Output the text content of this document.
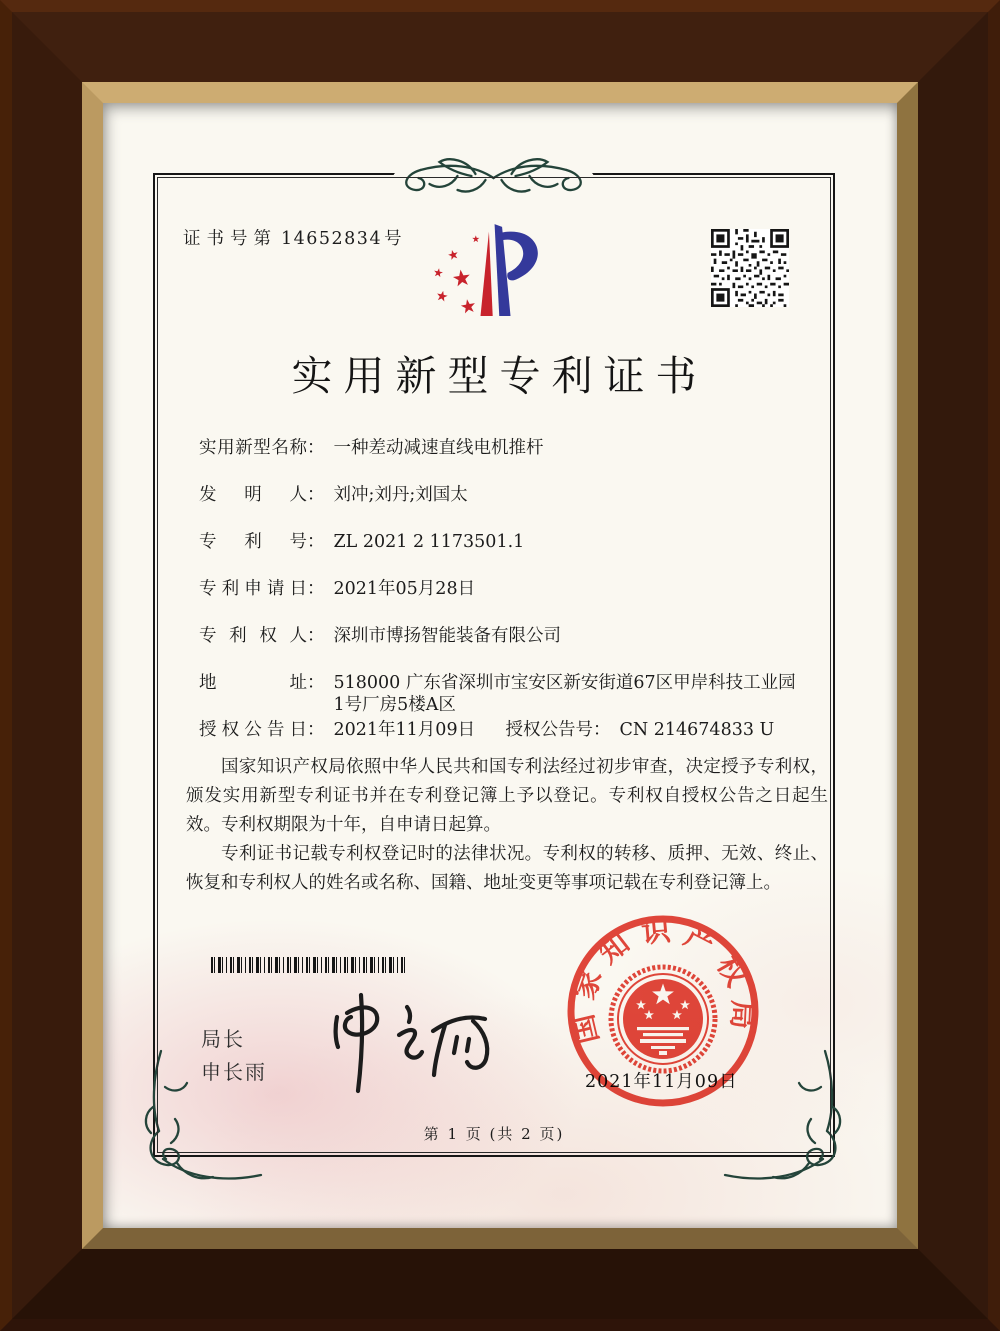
证书号第 14652834 号
实用新型专利证书
实用新型名称 ： 一种差动减速直线电机推杆
发明人 ： 刘冲;刘丹;刘国太
专利号 ： ZL 2021 2 1173501.1
专利申请日 ： 2021年05月28日
专利权人 ： 深圳市博扬智能装备有限公司
地址 ： 518000 广东省深圳市宝安区新安街道67区甲岸科技工业园1号厂房5楼A区
授权公告日 ： 2021年11月09日	授权公告号 ： CN 214674833 U

国家知识产权局依照中华人民共和国专利法经过初步审查，决定授予专利权，颁发实用新型专利证书并在专利登记簿上予以登记。专利权自授权公告之日起生效。专利权期限为十年，自申请日起算。

专利证书记载专利权登记时的法律状况。专利权的转移、质押、无效、终止、恢复和专利权人的姓名或名称、国籍、地址变更等事项记载在专利登记簿上。

局长
申长雨	2021年11月09日
国家知识产权局
第 1 页 (共 2 页)
